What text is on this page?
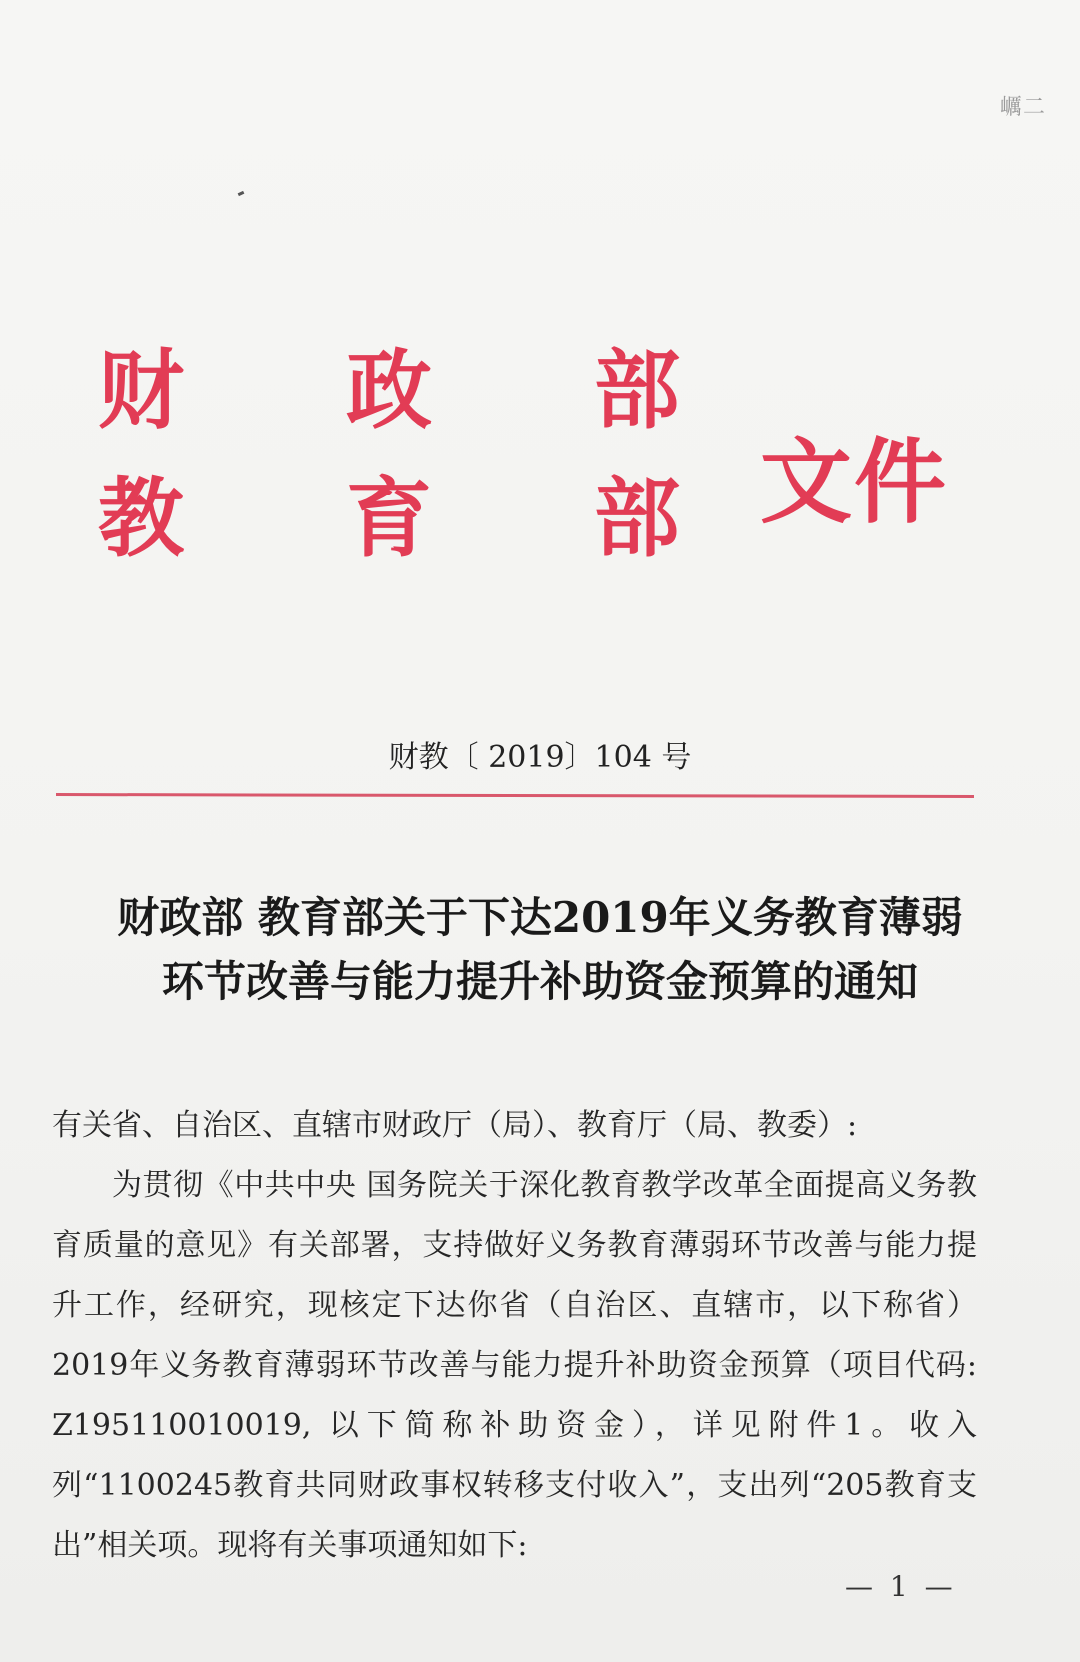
巁二
财 政 部
教 育 部 文件
财教〔 2019〕104 号
财政部 教育部关于下达2019年义务教育薄弱
环节改善与能力提升补助资金预算的通知

有关省、自治区、直辖市财政厅（局）、教育厅（局、教委）:

为贯彻《中共中央 国务院关于深化教育教学改革全面提高义务教育质量的意见》有关部署，支持做好义务教育薄弱环节改善与能力提升工作，经研究，现核定下达你省（自治区、直辖市，以下称省）2019年义务教育薄弱环节改善与能力提升补助资金预算（项目代码: Z195110010019, 以下简称补助资金），详见附件1。收入列“1100245教育共同财政事权转移支付收入”，支出列“205教育支出”相关项。现将有关事项通知如下:

— 1 —
